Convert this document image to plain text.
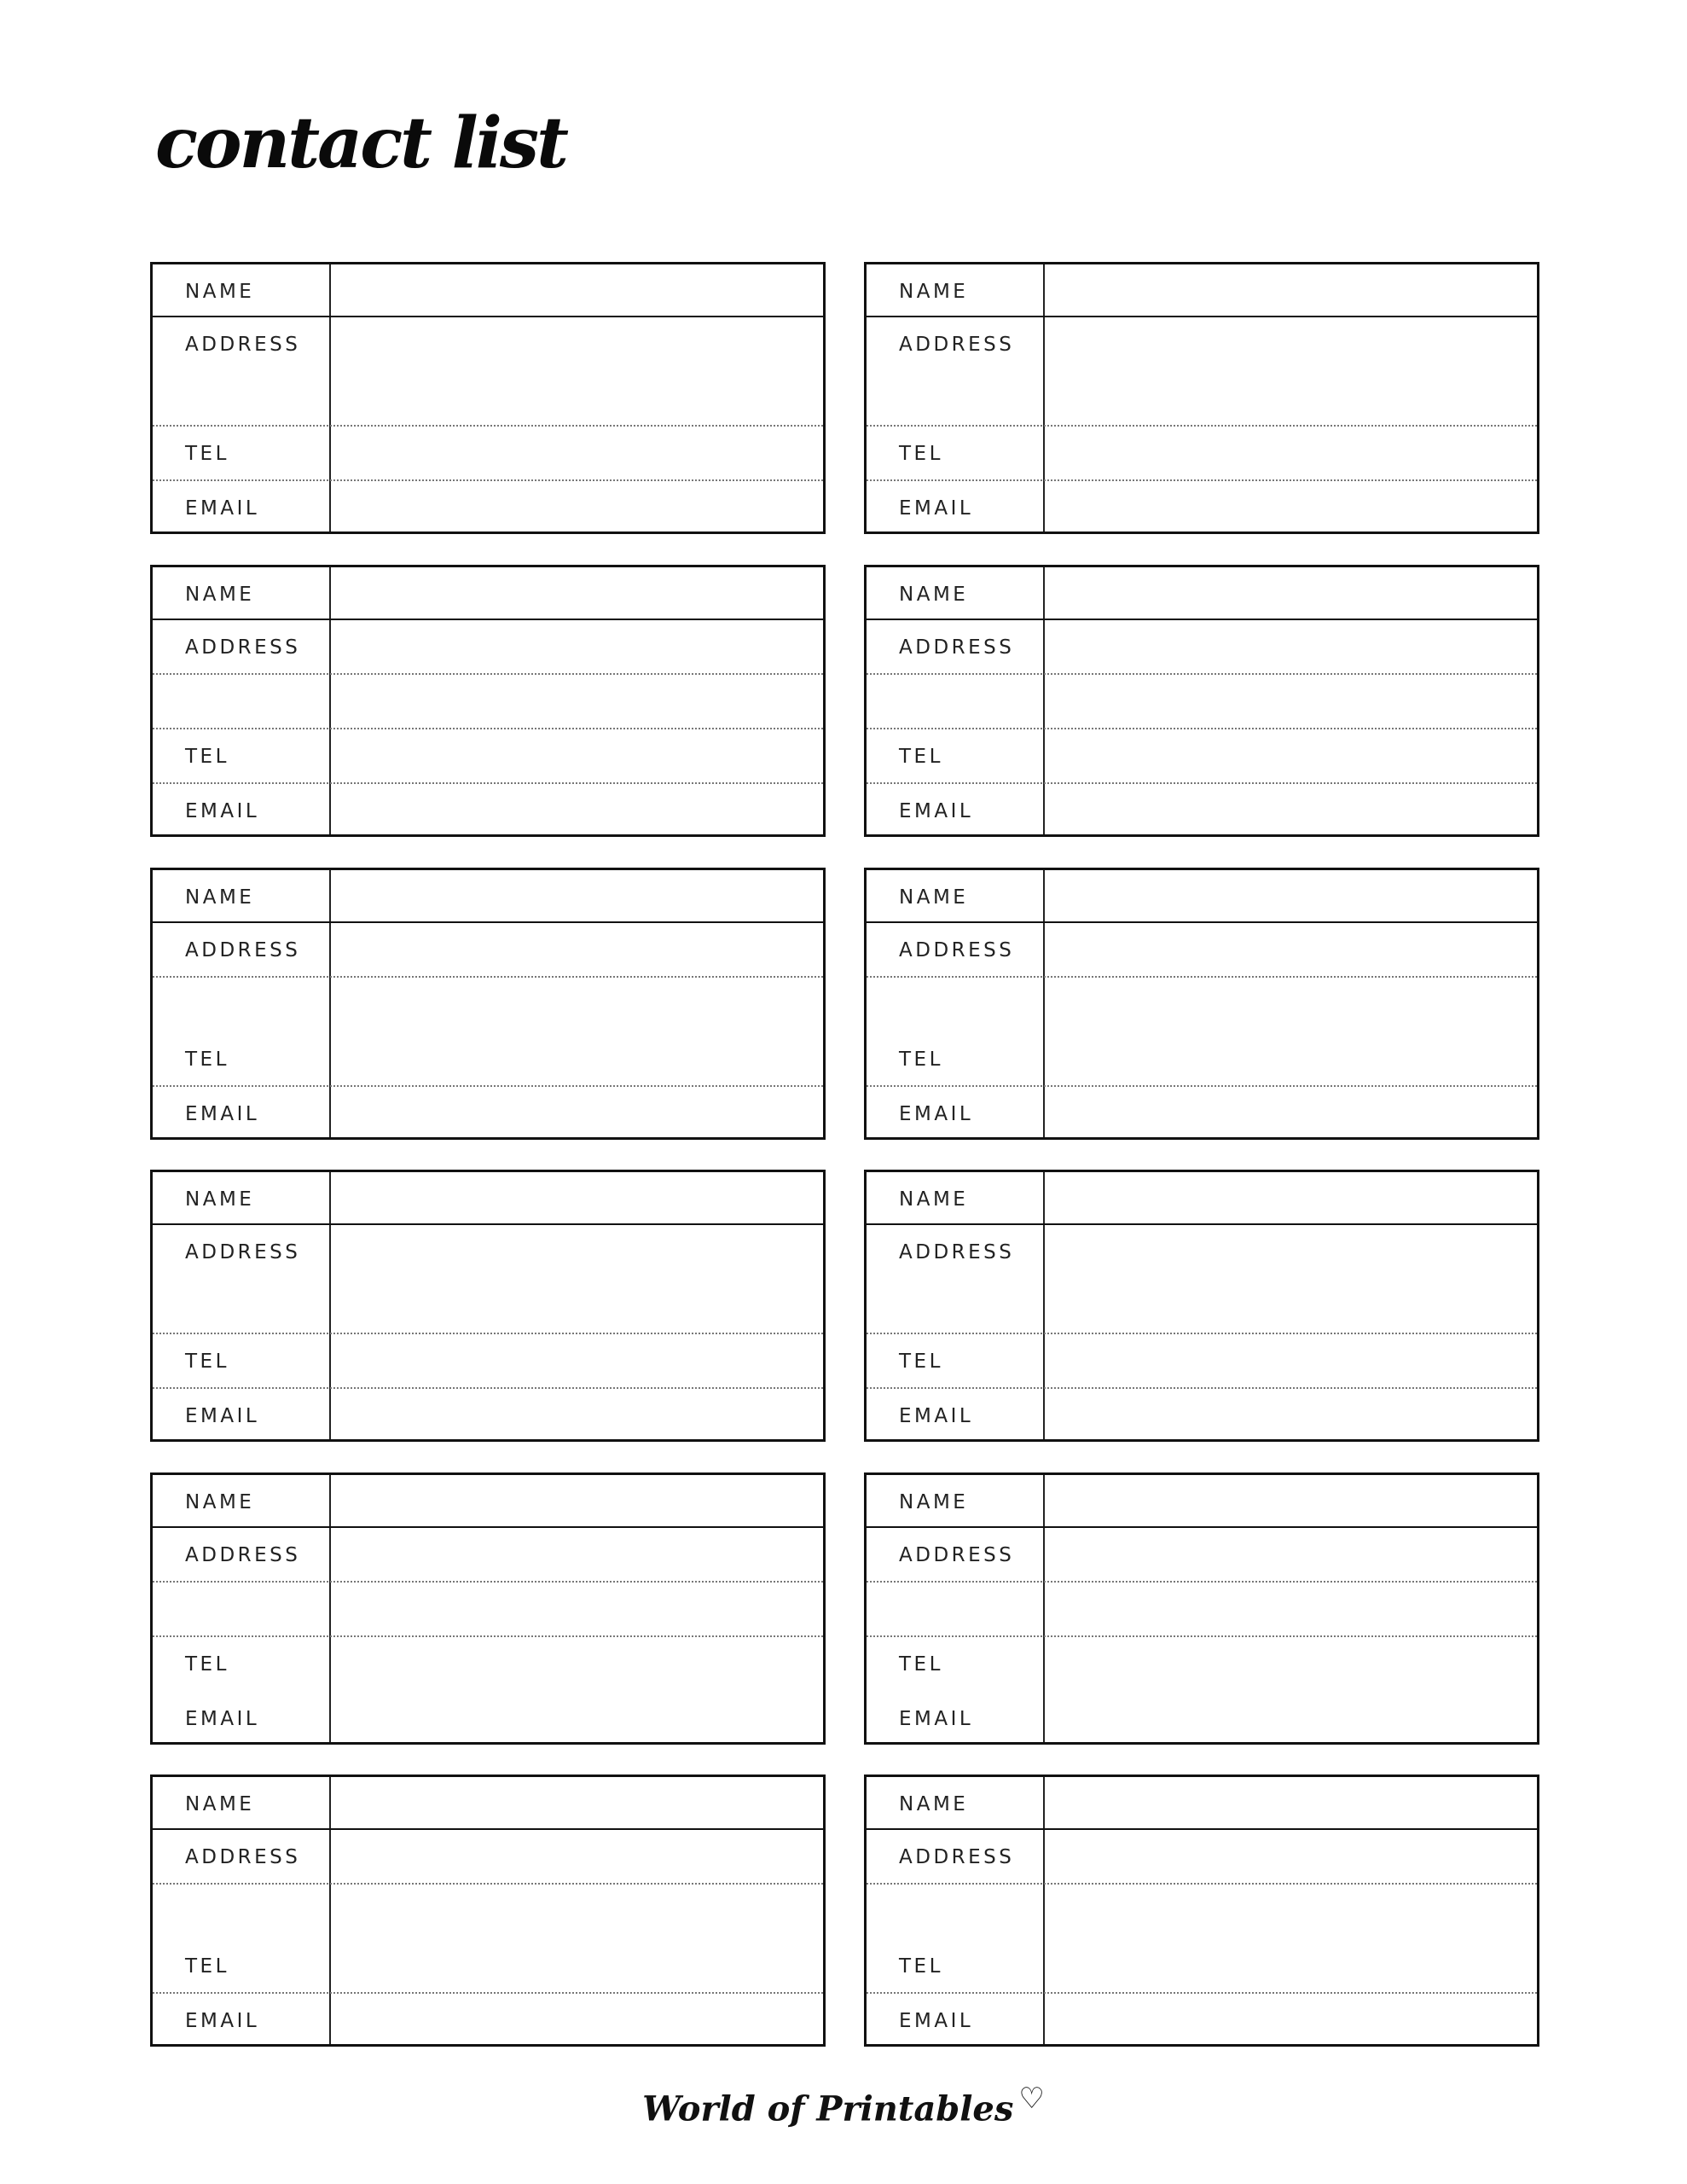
contact list
NAME
ADDRESS
TEL
EMAIL
NAME
ADDRESS
TEL
EMAIL
NAME
ADDRESS
TEL
EMAIL
NAME
ADDRESS
TEL
EMAIL
NAME
ADDRESS
TEL
EMAIL
NAME
ADDRESS
TEL
EMAIL
NAME
ADDRESS
TEL
EMAIL
NAME
ADDRESS
TEL
EMAIL
NAME
ADDRESS
TEL
EMAIL
NAME
ADDRESS
TEL
EMAIL
NAME
ADDRESS
TEL
EMAIL
NAME
ADDRESS
TEL
EMAIL
World of Printables ♡
